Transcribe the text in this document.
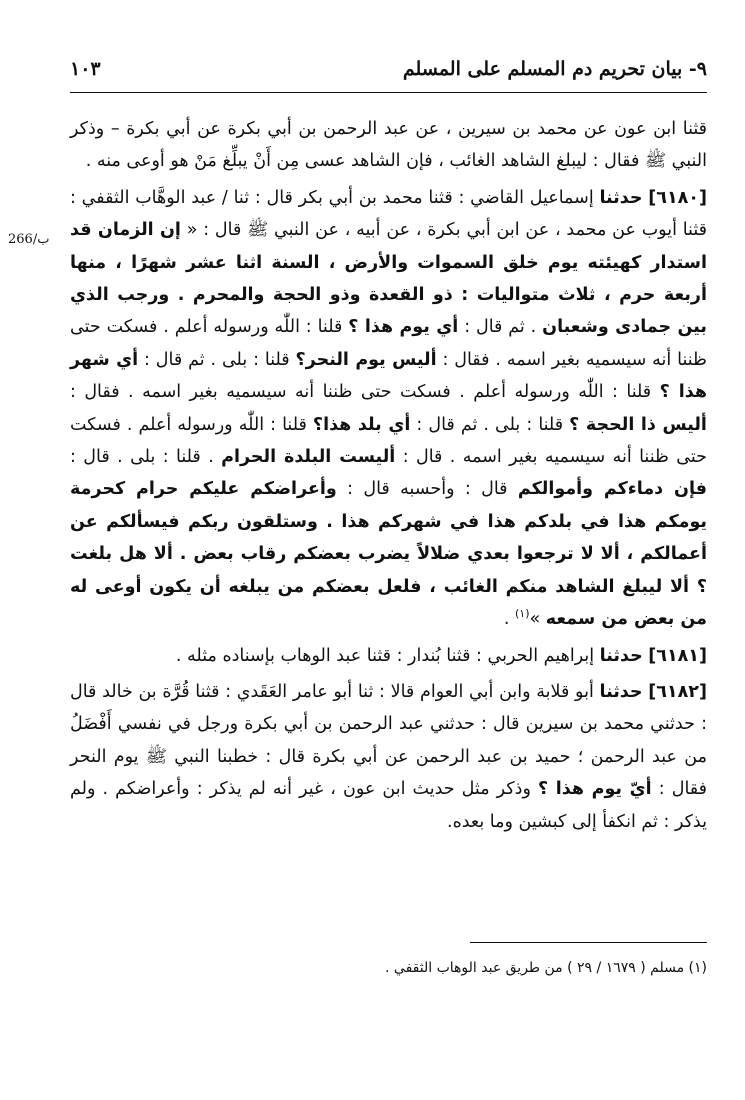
٩- بيان تحريم دم المسلم على المسلم
١٠٣
266/ب

قثنا ابن عون عن محمد بن سيرين ، عن عبد الرحمن بن أبي بكرة عن أبي بكرة – وذكر النبي ﷺ فقال : ليبلغ الشاهد الغائب ، فإن الشاهد عسى مِن أَنْ يبلِّغ مَنْ هو أوعى منه .

[٦١٨٠] حدثنا إسماعيل القاضي : قثنا محمد بن أبي بكر قال : ثنا / عبد الوهَّاب الثقفي : قثنا أيوب عن محمد ، عن ابن أبي بكرة ، عن أبيه ، عن النبي ﷺ قال : « إن الزمان قد استدار كهيئته يوم خلق السموات والأرض ، السنة اثنا عشر شهرًا ، منها أربعة حرم ، ثلاث متواليات : ذو القعدة وذو الحجة والمحرم . ورجب الذي بين جمادى وشعبان . ثم قال : أي يوم هذا ؟ قلنا : اللّٰه ورسوله أعلم . فسكت حتى ظننا أنه سيسميه بغير اسمه . فقال : أليس يوم النحر؟ قلنا : بلى . ثم قال : أي شهر هذا ؟ قلنا : اللّٰه ورسوله أعلم . فسكت حتى ظننا أنه سيسميه بغير اسمه . فقال : أليس ذا الحجة ؟ قلنا : بلى . ثم قال : أي بلد هذا؟ قلنا : اللّٰه ورسوله أعلم . فسكت حتى ظننا أنه سيسميه بغير اسمه . قال : أليست البلدة الحرام . قلنا : بلى . قال : فإن دماءكم وأموالكم قال : وأحسبه قال : وأعراضكم عليكم حرام كحرمة يومكم هذا في بلدكم هذا في شهركم هذا . وستلقون ربكم فيسألكم عن أعمالكم ، ألا لا ترجعوا بعدي ضلالاً يضرب بعضكم رقاب بعض . ألا هل بلغت ؟ ألا ليبلغ الشاهد منكم الغائب ، فلعل بعضكم من يبلغه أن يكون أوعى له من بعض من سمعه »$^{(١)}$ .

[٦١٨١] حدثنا إبراهيم الحربي : قثنا بُندار : قثنا عبد الوهاب بإسناده مثله .

[٦١٨٢] حدثنا أبو قلابة وابن أبي العوام قالا : ثنا أبو عامر العَقَدي : قثنا قُرَّة بن خالد قال : حدثني محمد بن سيرين قال : حدثني عبد الرحمن بن أبي بكرة ورجل في نفسي أَفْضَلُ من عبد الرحمن ؛ حميد بن عبد الرحمن عن أبي بكرة قال : خطبنا النبي ﷺ يوم النحر فقال : أيّ يوم هذا ؟ وذكر مثل حديث ابن عون ، غير أنه لم يذكر : وأعراضكم . ولم يذكر : ثم انكفأ إلى كبشين وما بعده.

(١) مسلم ( ١٦٧٩ / ٢٩ ) من طريق عبد الوهاب الثقفي .
